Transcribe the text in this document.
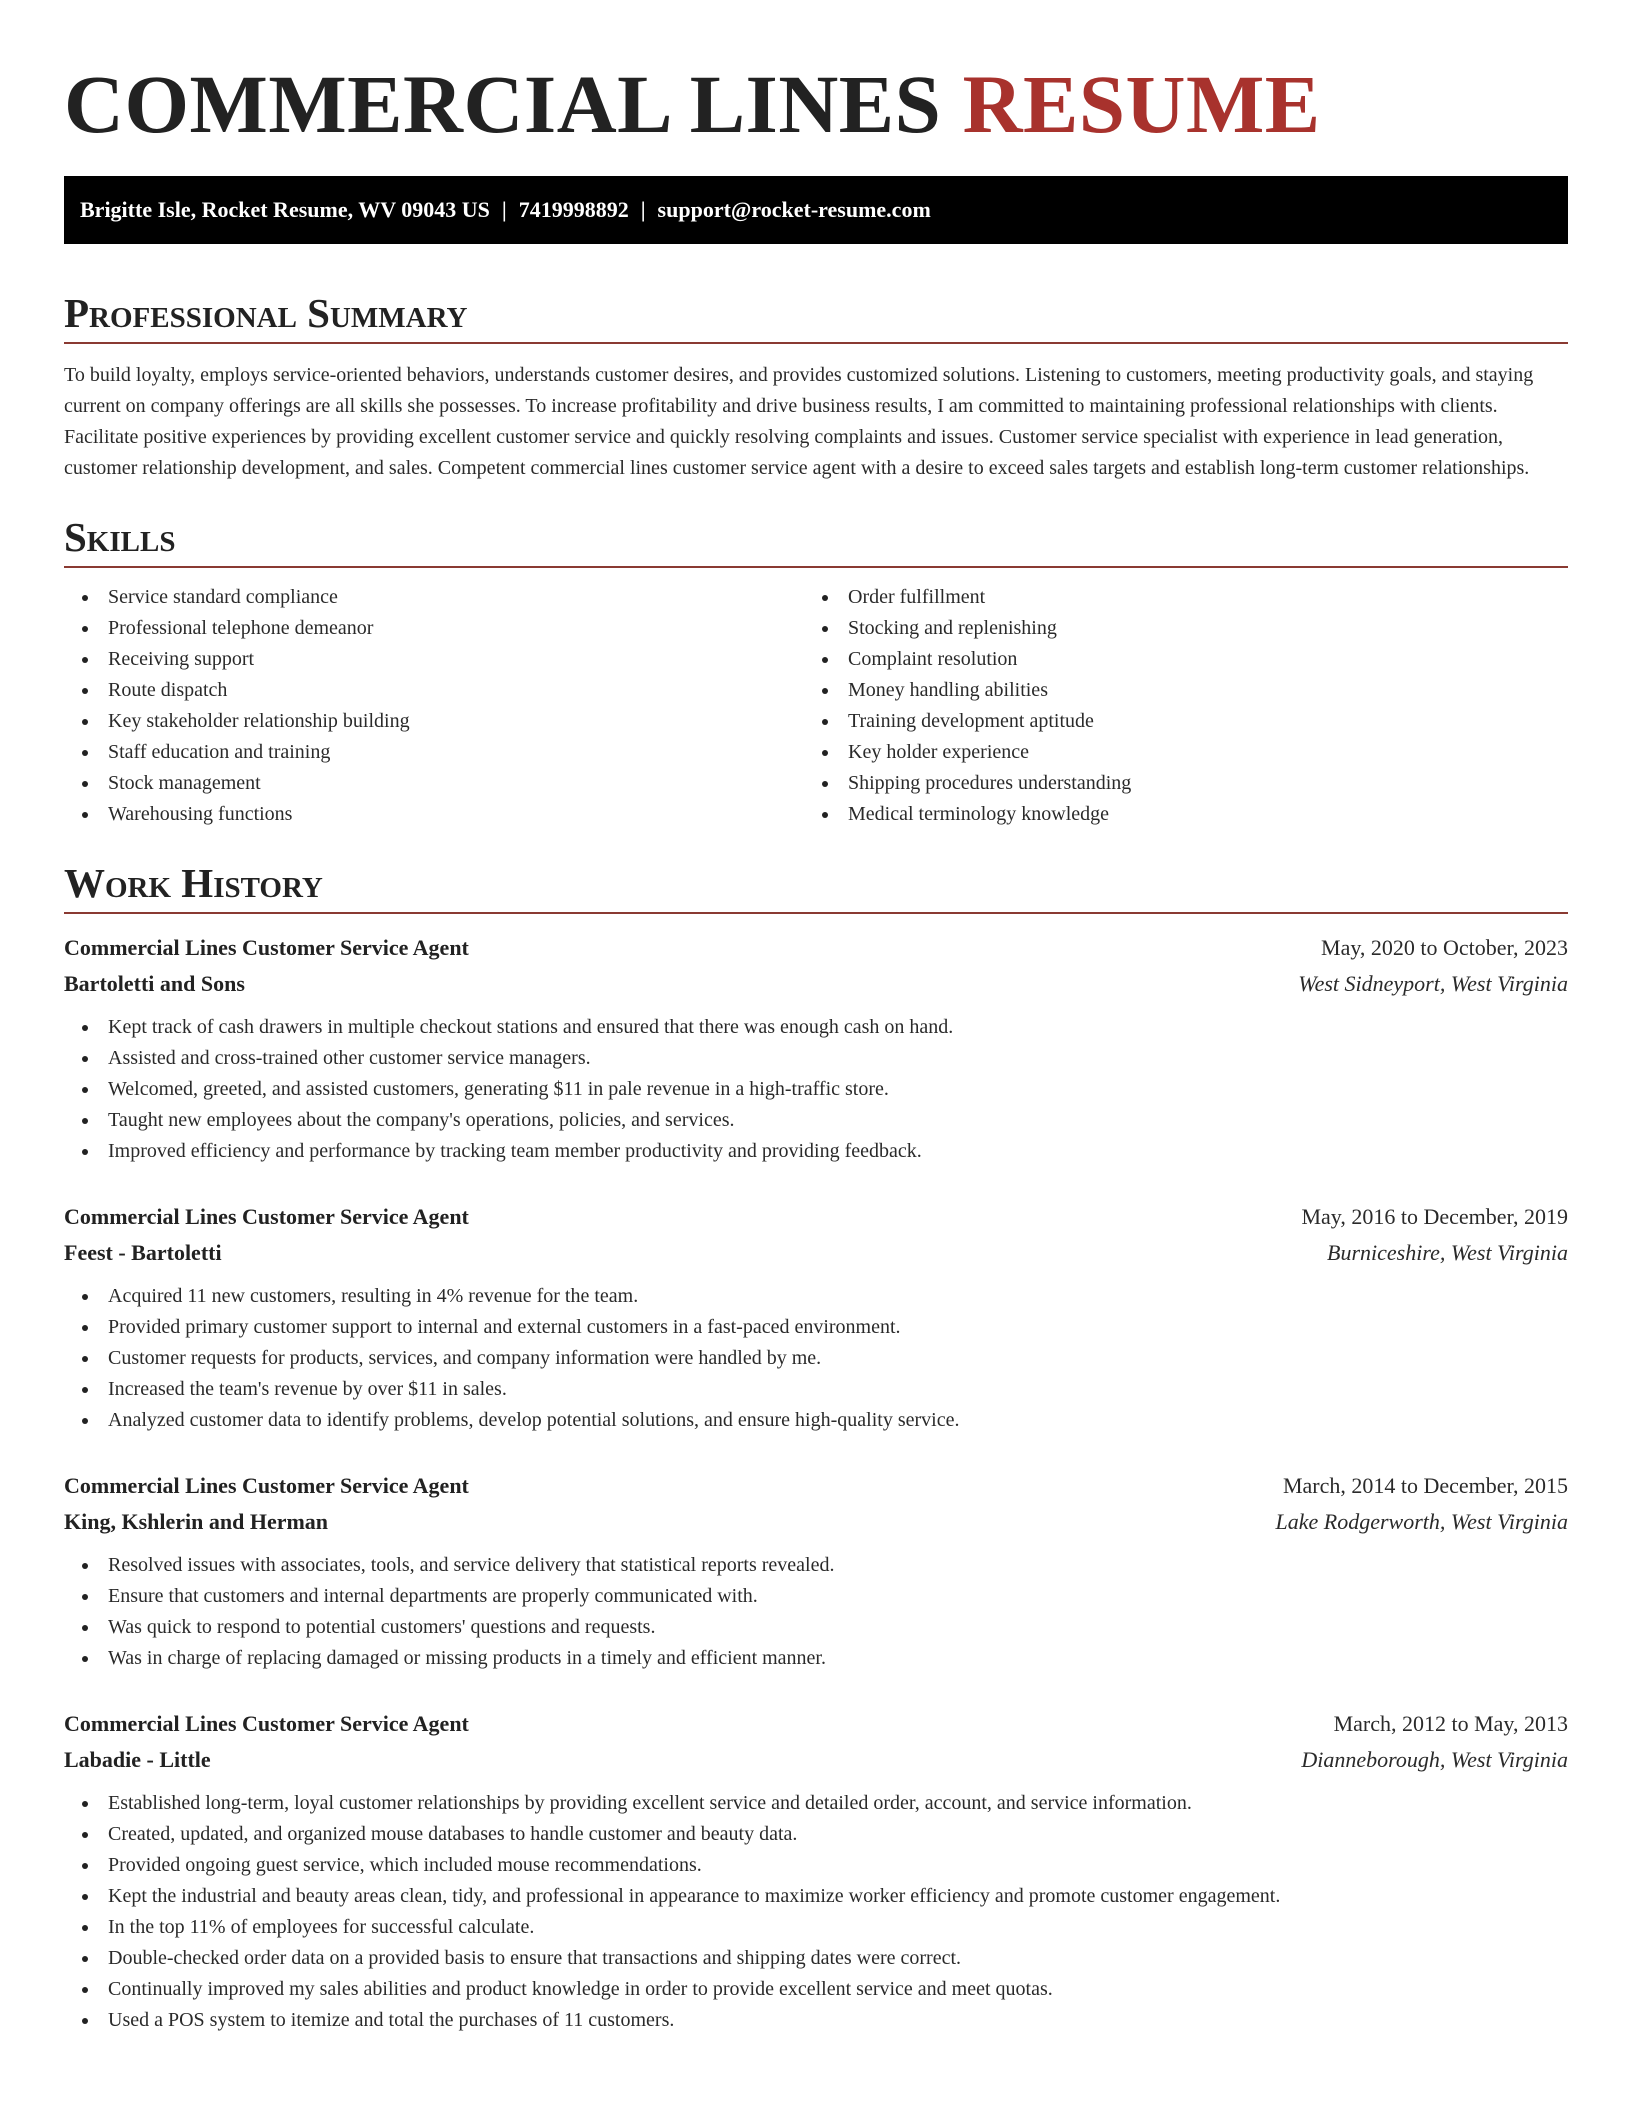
COMMERCIAL LINES RESUME
Brigitte Isle, Rocket Resume, WV 09043 US | 7419998892 | support@rocket-resume.com
Professional Summary

To build loyalty, employs service-oriented behaviors, understands customer desires, and provides customized solutions. Listening to customers, meeting productivity goals, and staying current on company offerings are all skills she possesses. To increase profitability and drive business results, I am committed to maintaining professional relationships with clients. Facilitate positive experiences by providing excellent customer service and quickly resolving complaints and issues. Customer service specialist with experience in lead generation, customer relationship development, and sales. Competent commercial lines customer service agent with a desire to exceed sales targets and establish long-term customer relationships.

Skills
Service standard compliance
Professional telephone demeanor
Receiving support
Route dispatch
Key stakeholder relationship building
Staff education and training
Stock management
Warehousing functions
Order fulfillment
Stocking and replenishing
Complaint resolution
Money handling abilities
Training development aptitude
Key holder experience
Shipping procedures understanding
Medical terminology knowledge
Work History
Commercial Lines Customer Service Agent	May, 2020 to October, 2023
Bartoletti and Sons	West Sidneyport, West Virginia
Kept track of cash drawers in multiple checkout stations and ensured that there was enough cash on hand.
Assisted and cross-trained other customer service managers.
Welcomed, greeted, and assisted customers, generating $11 in pale revenue in a high-traffic store.
Taught new employees about the company's operations, policies, and services.
Improved efficiency and performance by tracking team member productivity and providing feedback.
Commercial Lines Customer Service Agent	May, 2016 to December, 2019
Feest - Bartoletti	Burniceshire, West Virginia
Acquired 11 new customers, resulting in 4% revenue for the team.
Provided primary customer support to internal and external customers in a fast-paced environment.
Customer requests for products, services, and company information were handled by me.
Increased the team's revenue by over $11 in sales.
Analyzed customer data to identify problems, develop potential solutions, and ensure high-quality service.
Commercial Lines Customer Service Agent	March, 2014 to December, 2015
King, Kshlerin and Herman	Lake Rodgerworth, West Virginia
Resolved issues with associates, tools, and service delivery that statistical reports revealed.
Ensure that customers and internal departments are properly communicated with.
Was quick to respond to potential customers' questions and requests.
Was in charge of replacing damaged or missing products in a timely and efficient manner.
Commercial Lines Customer Service Agent	March, 2012 to May, 2013
Labadie - Little	Dianneborough, West Virginia
Established long-term, loyal customer relationships by providing excellent service and detailed order, account, and service information.
Created, updated, and organized mouse databases to handle customer and beauty data.
Provided ongoing guest service, which included mouse recommendations.
Kept the industrial and beauty areas clean, tidy, and professional in appearance to maximize worker efficiency and promote customer engagement.
In the top 11% of employees for successful calculate.
Double-checked order data on a provided basis to ensure that transactions and shipping dates were correct.
Continually improved my sales abilities and product knowledge in order to provide excellent service and meet quotas.
Used a POS system to itemize and total the purchases of 11 customers.
